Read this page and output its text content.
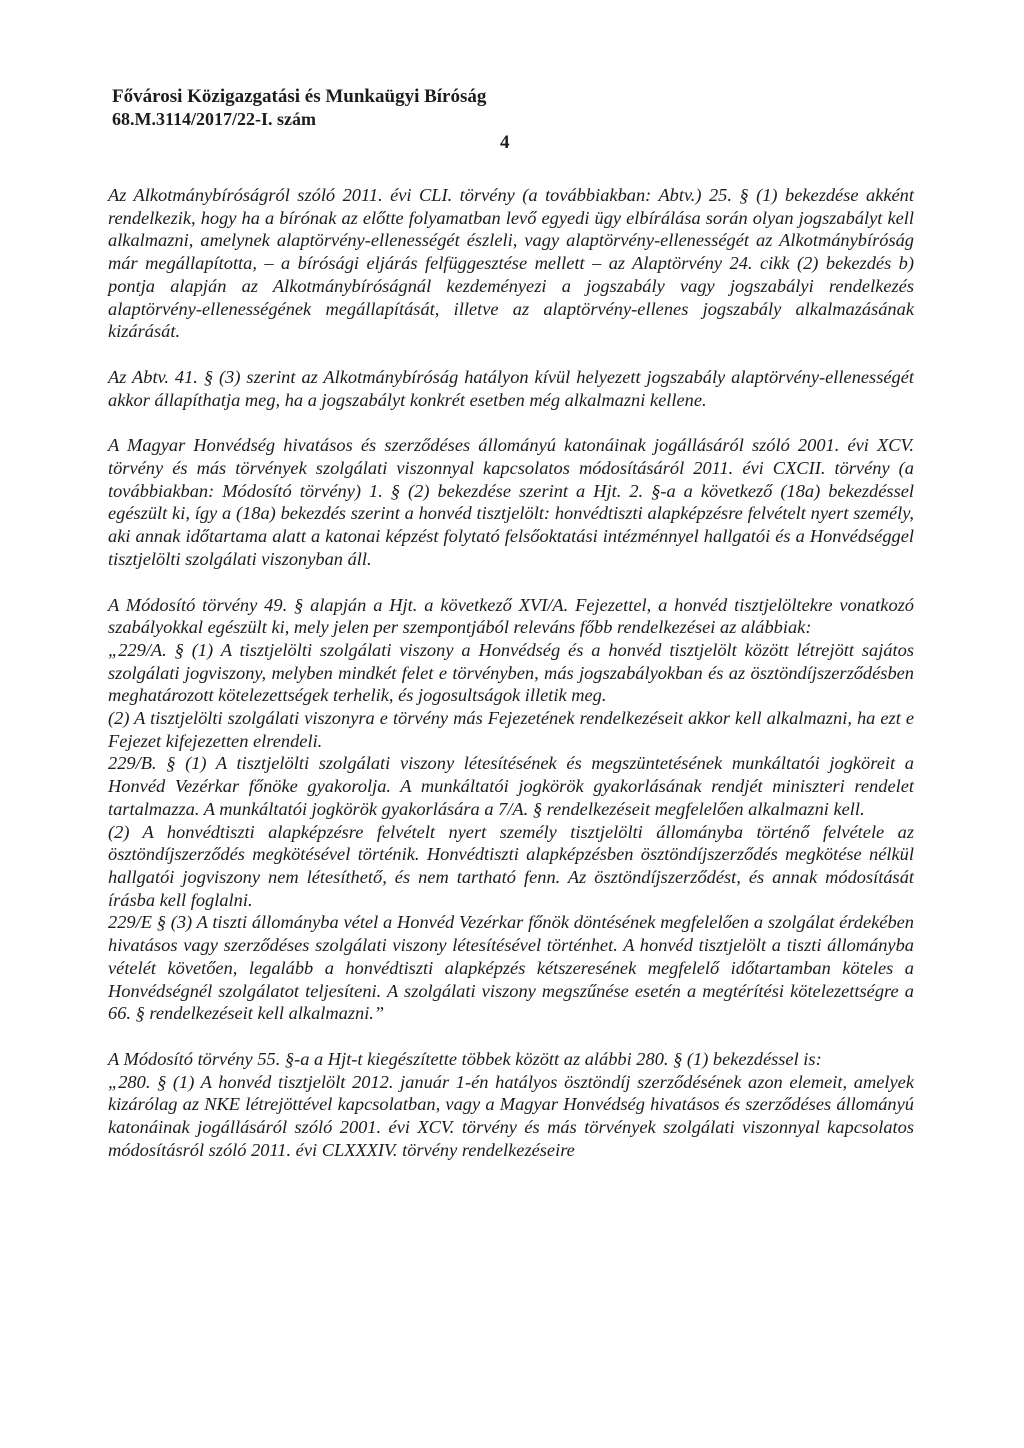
Fővárosi Közigazgatási és Munkaügyi Bíróság
68.M.3114/2017/22-I. szám
4

Az Alkotmánybíróságról szóló 2011. évi CLI. törvény (a továbbiakban: Abtv.) 25. § (1) bekezdése akként rendelkezik, hogy ha a bírónak az előtte folyamatban levő egyedi ügy elbírálása során olyan jogszabályt kell alkalmazni, amelynek alaptörvény-ellenességét észleli, vagy alaptörvény-ellenességét az Alkotmánybíróság már megállapította, – a bírósági eljárás felfüggesztése mellett – az Alaptörvény 24. cikk (2) bekezdés b) pontja alapján az Alkotmánybíróságnál kezdeményezi a jogszabály vagy jogszabályi rendelkezés alaptörvény-ellenességének megállapítását, illetve az alaptörvény-ellenes jogszabály alkalmazásának kizárását.

Az Abtv. 41. § (3) szerint az Alkotmánybíróság hatályon kívül helyezett jogszabály alaptörvény-ellenességét akkor állapíthatja meg, ha a jogszabályt konkrét esetben még alkalmazni kellene.

A Magyar Honvédség hivatásos és szerződéses állományú katonáinak jogállásáról szóló 2001. évi XCV. törvény és más törvények szolgálati viszonnyal kapcsolatos módosításáról 2011. évi CXCII. törvény (a továbbiakban: Módosító törvény) 1. § (2) bekezdése szerint a Hjt. 2. §-a a következő (18a) bekezdéssel egészült ki, így a (18a) bekezdés szerint a honvéd tisztjelölt: honvédtiszti alapképzésre felvételt nyert személy, aki annak időtartama alatt a katonai képzést folytató felsőoktatási intézménnyel hallgatói és a Honvédséggel tisztjelölti szolgálati viszonyban áll.

A Módosító törvény 49. § alapján a Hjt. a következő XVI/A. Fejezettel, a honvéd tisztjelöltekre vonatkozó szabályokkal egészült ki, mely jelen per szempontjából releváns főbb rendelkezései az alábbiak:

„229/A. § (1) A tisztjelölti szolgálati viszony a Honvédség és a honvéd tisztjelölt között létrejött sajátos szolgálati jogviszony, melyben mindkét felet e törvényben, más jogszabályokban és az ösztöndíjszerződésben meghatározott kötelezettségek terhelik, és jogosultságok illetik meg.

(2) A tisztjelölti szolgálati viszonyra e törvény más Fejezetének rendelkezéseit akkor kell alkalmazni, ha ezt e Fejezet kifejezetten elrendeli.

229/B. § (1) A tisztjelölti szolgálati viszony létesítésének és megszüntetésének munkáltatói jogköreit a Honvéd Vezérkar főnöke gyakorolja. A munkáltatói jogkörök gyakorlásának rendjét miniszteri rendelet tartalmazza. A munkáltatói jogkörök gyakorlására a 7/A. § rendelkezéseit megfelelően alkalmazni kell.

(2) A honvédtiszti alapképzésre felvételt nyert személy tisztjelölti állományba történő felvétele az ösztöndíjszerződés megkötésével történik. Honvédtiszti alapképzésben ösztöndíjszerződés megkötése nélkül hallgatói jogviszony nem létesíthető, és nem tartható fenn. Az ösztöndíjszerződést, és annak módosítását írásba kell foglalni.

229/E § (3) A tiszti állományba vétel a Honvéd Vezérkar főnök döntésének megfelelően a szolgálat érdekében hivatásos vagy szerződéses szolgálati viszony létesítésével történhet. A honvéd tisztjelölt a tiszti állományba vételét követően, legalább a honvédtiszti alapképzés kétszeresének megfelelő időtartamban köteles a Honvédségnél szolgálatot teljesíteni. A szolgálati viszony megszűnése esetén a megtérítési kötelezettségre a 66. § rendelkezéseit kell alkalmazni.”

A Módosító törvény 55. §-a a Hjt-t kiegészítette többek között az alábbi 280. § (1) bekezdéssel is:

„280. § (1) A honvéd tisztjelölt 2012. január 1-én hatályos ösztöndíj szerződésének azon elemeit, amelyek kizárólag az NKE létrejöttével kapcsolatban, vagy a Magyar Honvédség hivatásos és szerződéses állományú katonáinak jogállásáról szóló 2001. évi XCV. törvény és más törvények szolgálati viszonnyal kapcsolatos módosításról szóló 2011. évi CLXXXIV. törvény rendelkezéseire
